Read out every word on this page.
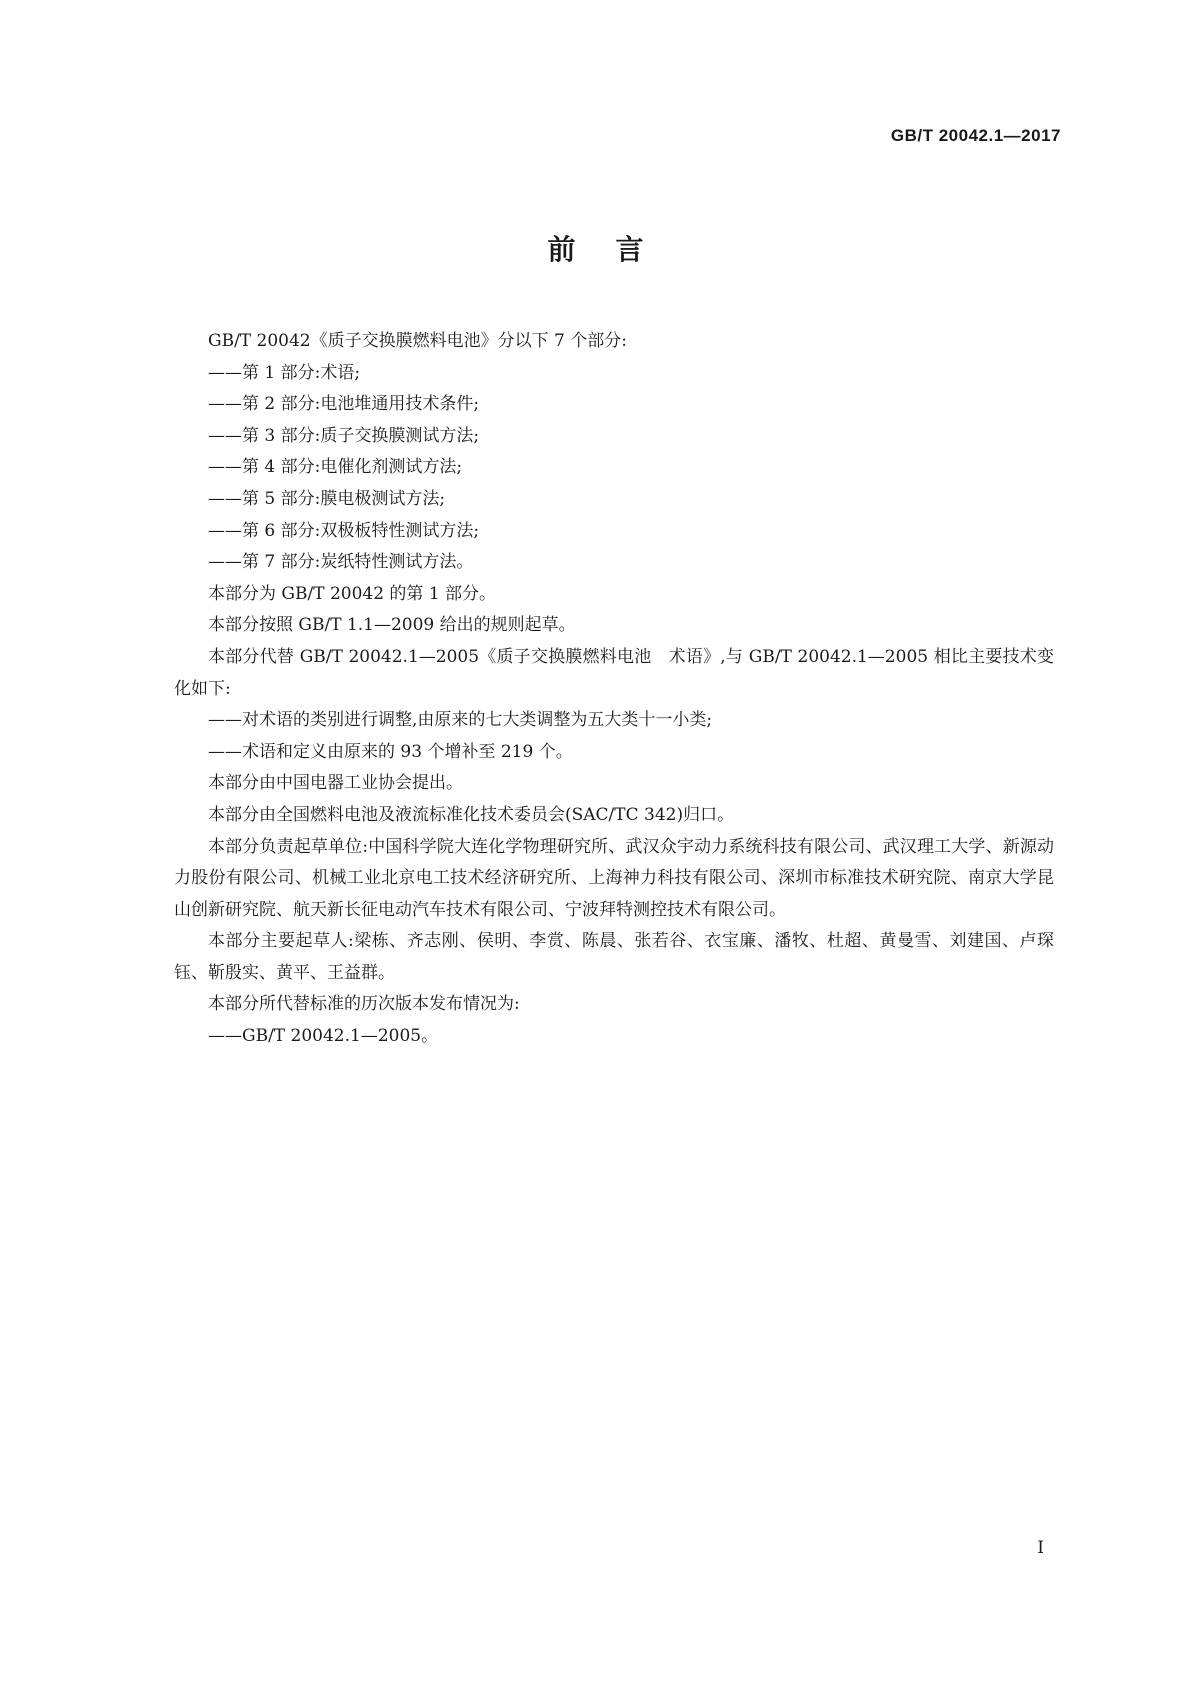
GB/T 20042.1—2017
前言

GB/T 20042《质子交换膜燃料电池》分以下 7 个部分:

——第 1 部分:术语;

——第 2 部分:电池堆通用技术条件;

——第 3 部分:质子交换膜测试方法;

——第 4 部分:电催化剂测试方法;

——第 5 部分:膜电极测试方法;

——第 6 部分:双极板特性测试方法;

——第 7 部分:炭纸特性测试方法。

本部分为 GB/T 20042 的第 1 部分。

本部分按照 GB/T 1.1—2009 给出的规则起草。

本部分代替 GB/T 20042.1—2005《质子交换膜燃料电池　术语》,与 GB/T 20042.1—2005 相比主要技术变化如下:

——对术语的类别进行调整,由原来的七大类调整为五大类十一小类;

——术语和定义由原来的 93 个增补至 219 个。

本部分由中国电器工业协会提出。

本部分由全国燃料电池及液流标准化技术委员会(SAC/TC 342)归口。

本部分负责起草单位:中国科学院大连化学物理研究所、武汉众宇动力系统科技有限公司、武汉理工大学、新源动力股份有限公司、机械工业北京电工技术经济研究所、上海神力科技有限公司、深圳市标准技术研究院、南京大学昆山创新研究院、航天新长征电动汽车技术有限公司、宁波拜特测控技术有限公司。

本部分主要起草人:梁栋、齐志刚、侯明、李赏、陈晨、张若谷、衣宝廉、潘牧、杜超、黄曼雪、刘建国、卢琛钰、靳殷实、黄平、王益群。

本部分所代替标准的历次版本发布情况为:

——GB/T 20042.1—2005。

I
